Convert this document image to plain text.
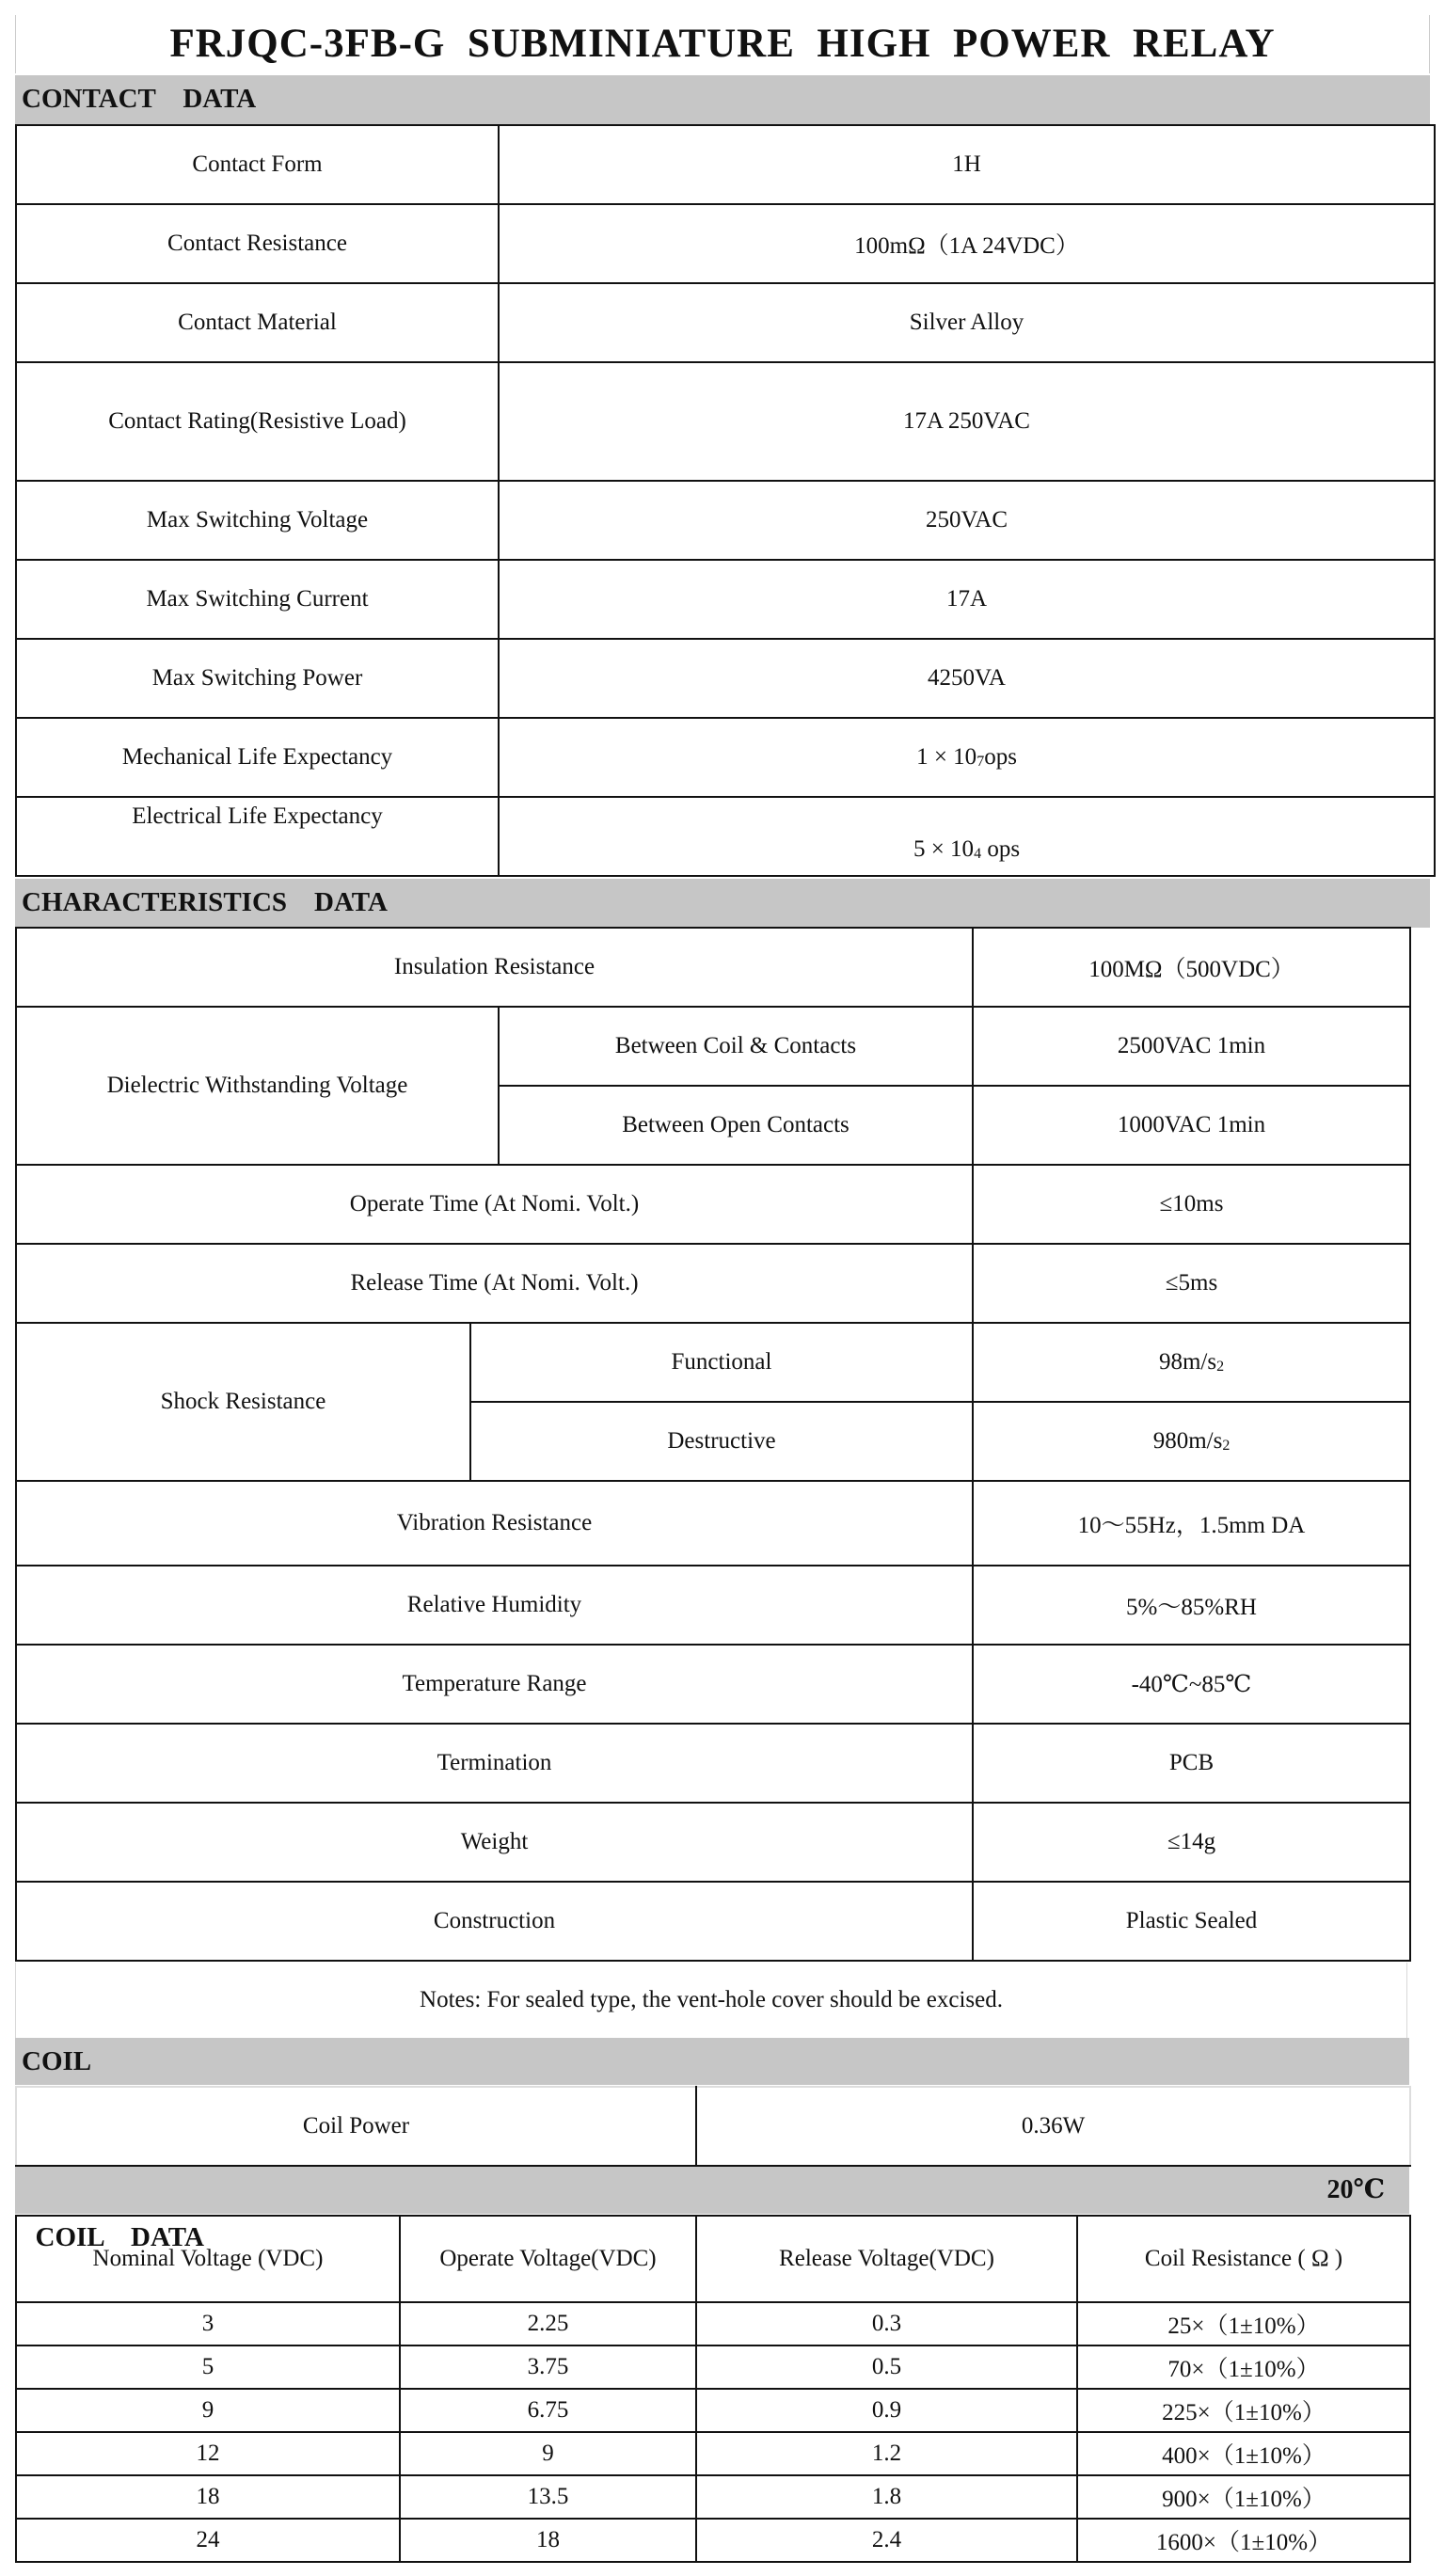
FRJQC-3FB-G  SUBMINIATURE  HIGH  POWER  RELAY
CONTACT    DATA
Contact Form	1H
Contact Resistance	100mΩ（1A 24VDC）
Contact Material	Silver Alloy
Contact Rating(Resistive Load)	17A 250VAC
Max Switching Voltage	250VAC
Max Switching Current	17A
Max Switching Power	4250VA
Mechanical Life Expectancy	$1 \times 10_7ops$
Electrical Life Expectancy	$5 \times 10_4$ ops
CHARACTERISTICS    DATA
Insulation Resistance		100MΩ（500VDC）
Dielectric Withstanding Voltage	Between Coil & Contacts	2500VAC 1min
	Between Open Contacts	1000VAC 1min
Operate Time (At Nomi. Volt.)		≤10ms
Release Time (At Nomi. Volt.)		≤5ms
Shock Resistance	Functional	$98m/s_2$
	Destructive	$980m/s_2$
Vibration Resistance	10～55Hz，1.5mm DA
Relative Humidity	5%～85%RH
Temperature Range	-40℃~85℃
Termination	PCB
Weight	≤14g
Construction	Plastic Sealed
Notes: For sealed type, the vent-hole cover should be excised.
COIL
Coil Power	0.36W

COIL    DATA

20℃

Nominal Voltage (VDC)	Operate Voltage(VDC)	Release Voltage(VDC)	Coil Resistance ( Ω )
3	2.25	0.3	25×（1±10%）
5	3.75	0.5	70×（1±10%）
9	6.75	0.9	225×（1±10%）
12	9	1.2	400×（1±10%）
18	13.5	1.8	900×（1±10%）
24	18	2.4	1600×（1±10%）
